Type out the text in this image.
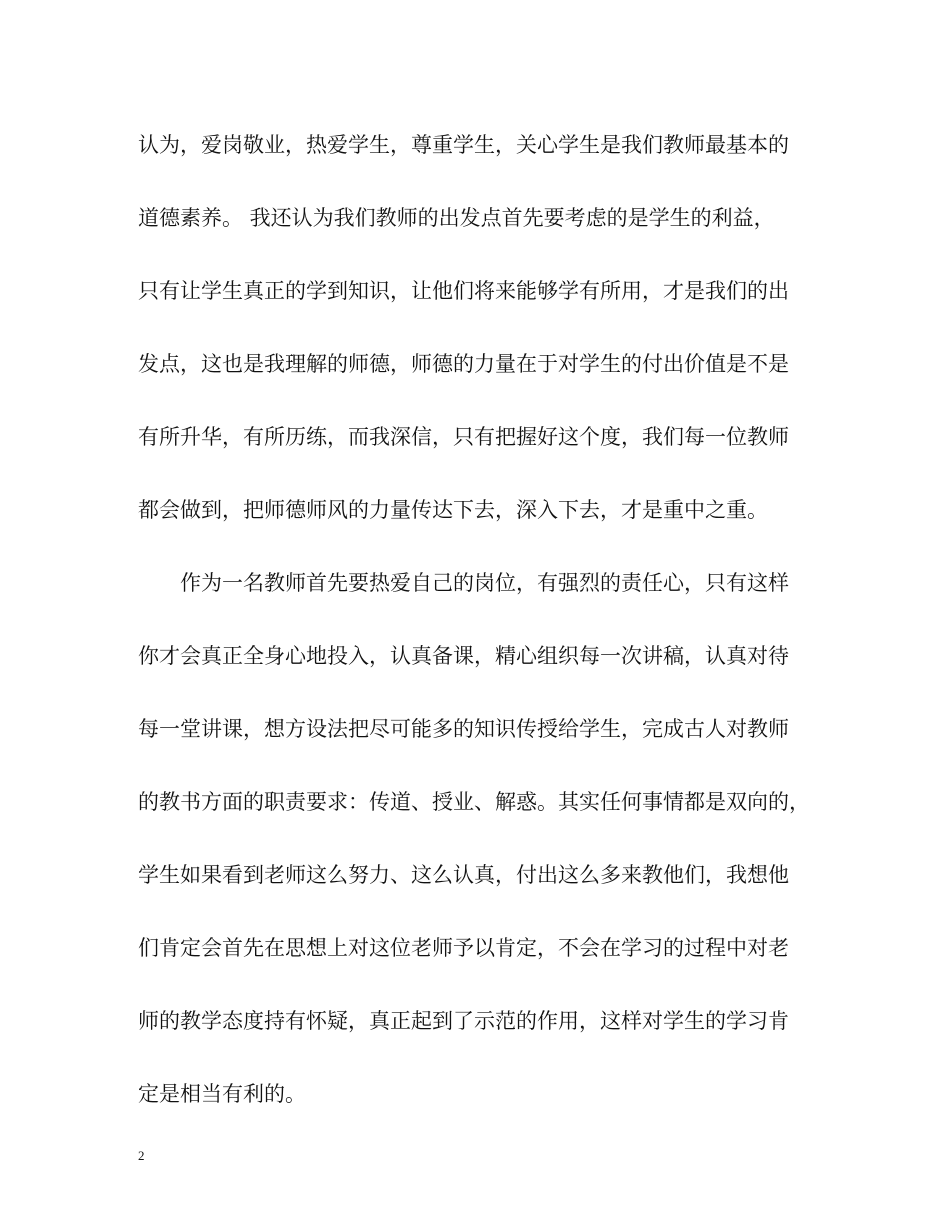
认为，爱岗敬业，热爱学生，尊重学生，关心学生是我们教师最基本的
道德素养。 我还认为我们教师的出发点首先要考虑的是学生的利益，
只有让学生真正的学到知识，让他们将来能够学有所用，才是我们的出
发点，这也是我理解的师德，师德的力量在于对学生的付出价值是不是
有所升华，有所历练，而我深信，只有把握好这个度，我们每一位教师
都会做到，把师德师风的力量传达下去，深入下去，才是重中之重。
作为一名教师首先要热爱自己的岗位，有强烈的责任心，只有这样
你才会真正全身心地投入，认真备课，精心组织每一次讲稿，认真对待
每一堂讲课，想方设法把尽可能多的知识传授给学生，完成古人对教师
的教书方面的职责要求：传道、授业、解惑。其实任何事情都是双向的，
学生如果看到老师这么努力、这么认真，付出这么多来教他们，我想他
们肯定会首先在思想上对这位老师予以肯定，不会在学习的过程中对老
师的教学态度持有怀疑，真正起到了示范的作用，这样对学生的学习肯
定是相当有利的。
2
